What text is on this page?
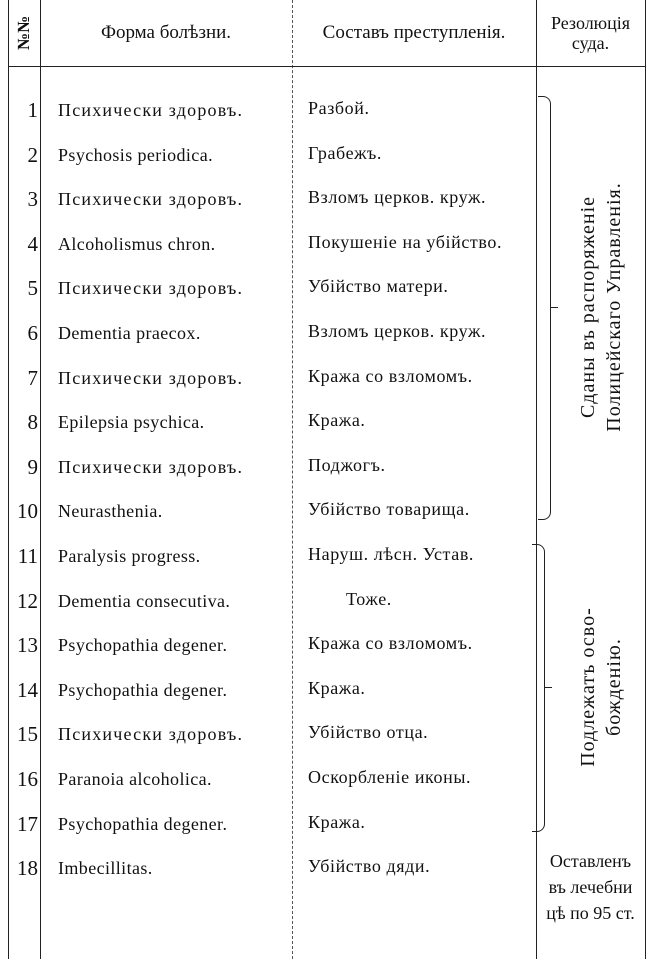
№№	Форма болѣзни.	Составъ преступленія.	Резолюція
суда.
1 Психически здоровъ.	Разбой.
2 Psychosis periodica.	Грабежъ.
3 Психически здоровъ.	Взломъ церков. круж.
4 Alcoholismus chron.	Покушеніе на убійство.
5 Психически здоровъ.	Убійство матери.
6 Dementia praecox.	Взломъ церков. круж.
7 Психически здоровъ.	Кража со взломомъ.
8 Epilepsia psychica.	Кража.
9 Психически здоровъ.	Поджогъ.
10 Neurasthenia.	Убійство товарища.
11 Paralysis progress.	Наруш. лѣсн. Устав.
12 Dementia consecutiva.	Тоже.
13 Psychopathia degener.	Кража со взломомъ.
14 Psychopathia degener.	Кража.
15 Психически здоровъ.	Убійство отца.
16 Paranoia alcoholica.	Оскорбленіе иконы.
17 Psychopathia degener.	Кража.
18 Imbecillitas.	Убійство дяди.
Сданы въ распоряженіе Полицейскаго Управленія.
Подлежатъ осво- божденію.
Оставленъ
въ лечебни
цѣ по 95 ст.
